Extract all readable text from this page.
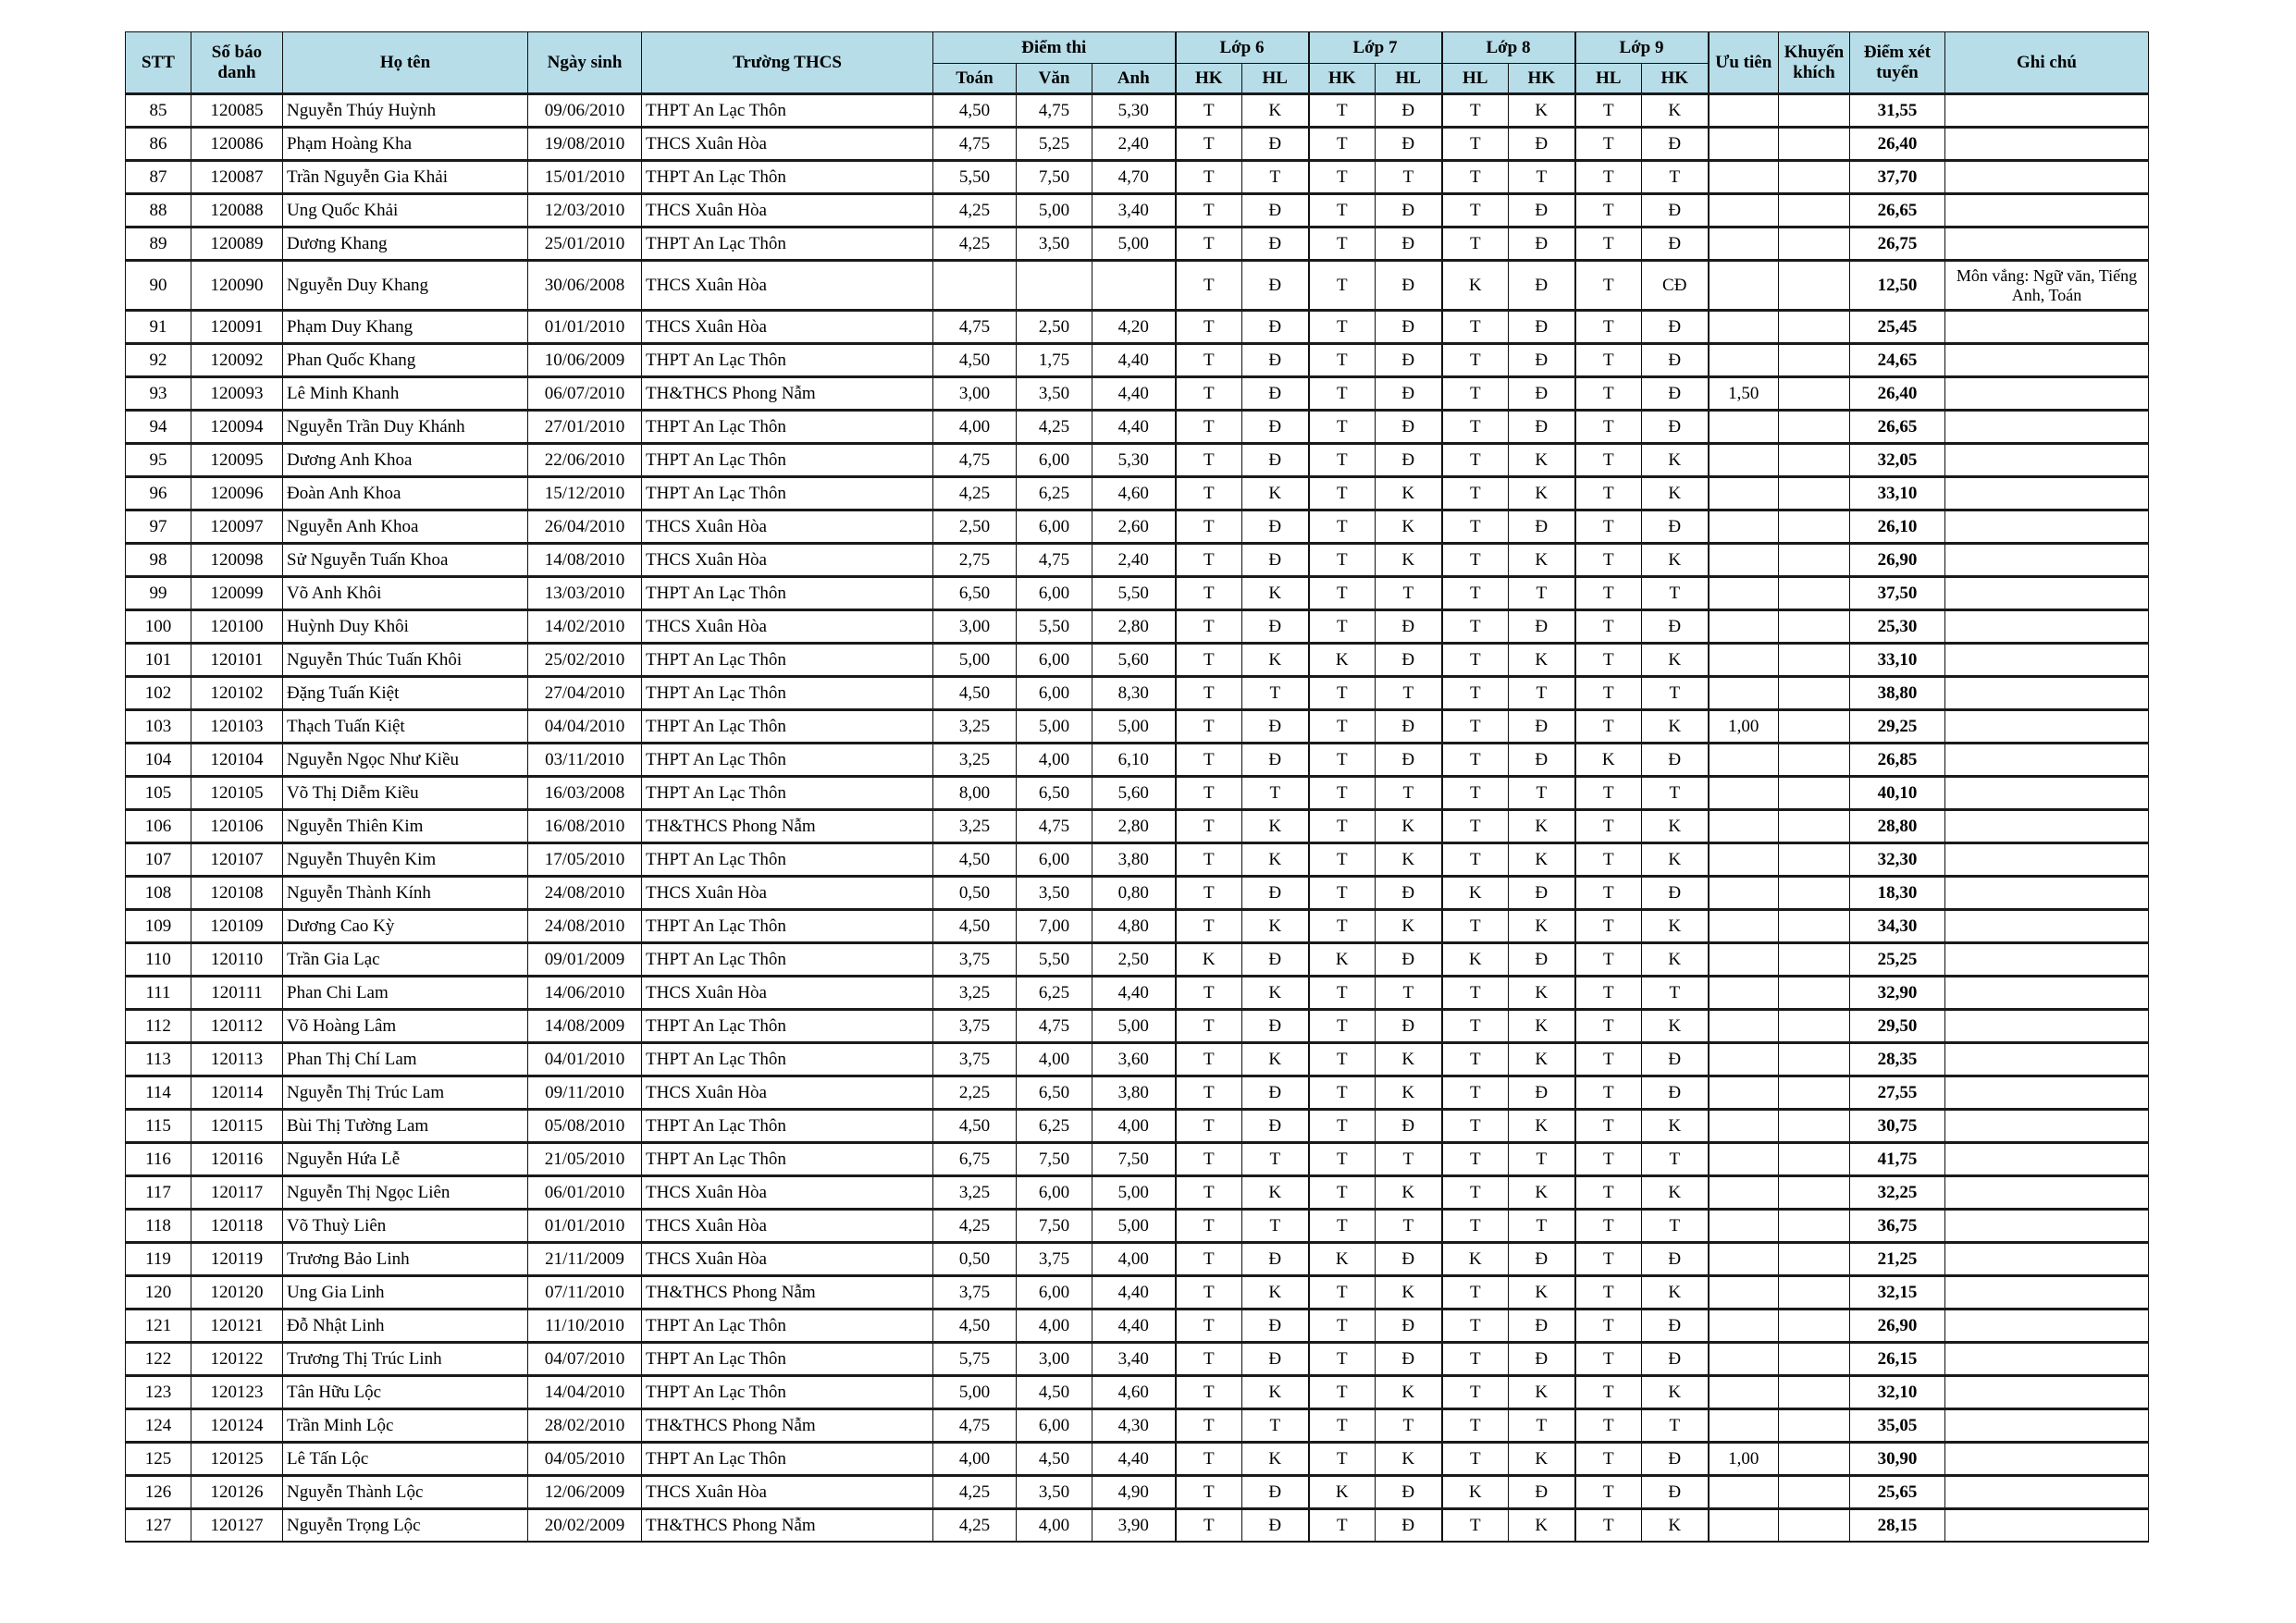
STT	Số báo danh	Họ tên	Ngày sinh	Trường THCS	Điểm thi			Lớp 6		Lớp 7		Lớp 8		Lớp 9		Ưu tiên	Khuyến khích	Điểm xét tuyển	Ghi chú
					Toán	Văn	Anh	HK	HL	HK	HL	HL	HK	HL	HK				
85	120085	Nguyễn Thúy Huỳnh	09/06/2010	THPT An Lạc Thôn	4,50	4,75	5,30	T	K	T	Đ	T	K	T	K			31,55	
86	120086	Phạm Hoàng Kha	19/08/2010	THCS Xuân Hòa	4,75	5,25	2,40	T	Đ	T	Đ	T	Đ	T	Đ			26,40	
87	120087	Trần Nguyễn Gia Khải	15/01/2010	THPT An Lạc Thôn	5,50	7,50	4,70	T	T	T	T	T	T	T	T			37,70	
88	120088	Ung Quốc Khải	12/03/2010	THCS Xuân Hòa	4,25	5,00	3,40	T	Đ	T	Đ	T	Đ	T	Đ			26,65	
89	120089	Dương Khang	25/01/2010	THPT An Lạc Thôn	4,25	3,50	5,00	T	Đ	T	Đ	T	Đ	T	Đ			26,75	
90	120090	Nguyễn Duy Khang	30/06/2008	THCS Xuân Hòa				T	Đ	T	Đ	K	Đ	T	CĐ			12,50	Môn vắng: Ngữ văn, Tiếng Anh, Toán
91	120091	Phạm Duy Khang	01/01/2010	THCS Xuân Hòa	4,75	2,50	4,20	T	Đ	T	Đ	T	Đ	T	Đ			25,45	
92	120092	Phan Quốc Khang	10/06/2009	THPT An Lạc Thôn	4,50	1,75	4,40	T	Đ	T	Đ	T	Đ	T	Đ			24,65	
93	120093	Lê Minh Khanh	06/07/2010	TH&THCS Phong Nẫm	3,00	3,50	4,40	T	Đ	T	Đ	T	Đ	T	Đ	1,50		26,40	
94	120094	Nguyễn Trần Duy Khánh	27/01/2010	THPT An Lạc Thôn	4,00	4,25	4,40	T	Đ	T	Đ	T	Đ	T	Đ			26,65	
95	120095	Dương Anh Khoa	22/06/2010	THPT An Lạc Thôn	4,75	6,00	5,30	T	Đ	T	Đ	T	K	T	K			32,05	
96	120096	Đoàn Anh Khoa	15/12/2010	THPT An Lạc Thôn	4,25	6,25	4,60	T	K	T	K	T	K	T	K			33,10	
97	120097	Nguyễn Anh Khoa	26/04/2010	THCS Xuân Hòa	2,50	6,00	2,60	T	Đ	T	K	T	Đ	T	Đ			26,10	
98	120098	Sử Nguyễn Tuấn Khoa	14/08/2010	THCS Xuân Hòa	2,75	4,75	2,40	T	Đ	T	K	T	K	T	K			26,90	
99	120099	Võ Anh Khôi	13/03/2010	THPT An Lạc Thôn	6,50	6,00	5,50	T	K	T	T	T	T	T	T			37,50	
100	120100	Huỳnh Duy Khôi	14/02/2010	THCS Xuân Hòa	3,00	5,50	2,80	T	Đ	T	Đ	T	Đ	T	Đ			25,30	
101	120101	Nguyễn Thúc Tuấn Khôi	25/02/2010	THPT An Lạc Thôn	5,00	6,00	5,60	T	K	K	Đ	T	K	T	K			33,10	
102	120102	Đặng Tuấn Kiệt	27/04/2010	THPT An Lạc Thôn	4,50	6,00	8,30	T	T	T	T	T	T	T	T			38,80	
103	120103	Thạch Tuấn Kiệt	04/04/2010	THPT An Lạc Thôn	3,25	5,00	5,00	T	Đ	T	Đ	T	Đ	T	K	1,00		29,25	
104	120104	Nguyễn Ngọc Như Kiều	03/11/2010	THPT An Lạc Thôn	3,25	4,00	6,10	T	Đ	T	Đ	T	Đ	K	Đ			26,85	
105	120105	Võ Thị Diễm Kiều	16/03/2008	THPT An Lạc Thôn	8,00	6,50	5,60	T	T	T	T	T	T	T	T			40,10	
106	120106	Nguyễn Thiên Kim	16/08/2010	TH&THCS Phong Nẫm	3,25	4,75	2,80	T	K	T	K	T	K	T	K			28,80	
107	120107	Nguyễn Thuyên Kim	17/05/2010	THPT An Lạc Thôn	4,50	6,00	3,80	T	K	T	K	T	K	T	K			32,30	
108	120108	Nguyễn Thành Kính	24/08/2010	THCS Xuân Hòa	0,50	3,50	0,80	T	Đ	T	Đ	K	Đ	T	Đ			18,30	
109	120109	Dương Cao Kỳ	24/08/2010	THPT An Lạc Thôn	4,50	7,00	4,80	T	K	T	K	T	K	T	K			34,30	
110	120110	Trần Gia Lạc	09/01/2009	THPT An Lạc Thôn	3,75	5,50	2,50	K	Đ	K	Đ	K	Đ	T	K			25,25	
111	120111	Phan Chi Lam	14/06/2010	THCS Xuân Hòa	3,25	6,25	4,40	T	K	T	T	T	K	T	T			32,90	
112	120112	Võ Hoàng Lâm	14/08/2009	THPT An Lạc Thôn	3,75	4,75	5,00	T	Đ	T	Đ	T	K	T	K			29,50	
113	120113	Phan Thị Chí Lam	04/01/2010	THPT An Lạc Thôn	3,75	4,00	3,60	T	K	T	K	T	K	T	Đ			28,35	
114	120114	Nguyễn Thị Trúc Lam	09/11/2010	THCS Xuân Hòa	2,25	6,50	3,80	T	Đ	T	K	T	Đ	T	Đ			27,55	
115	120115	Bùi Thị Tường Lam	05/08/2010	THPT An Lạc Thôn	4,50	6,25	4,00	T	Đ	T	Đ	T	K	T	K			30,75	
116	120116	Nguyễn Hứa Lễ	21/05/2010	THPT An Lạc Thôn	6,75	7,50	7,50	T	T	T	T	T	T	T	T			41,75	
117	120117	Nguyễn Thị Ngọc Liên	06/01/2010	THCS Xuân Hòa	3,25	6,00	5,00	T	K	T	K	T	K	T	K			32,25	
118	120118	Võ Thuỳ Liên	01/01/2010	THCS Xuân Hòa	4,25	7,50	5,00	T	T	T	T	T	T	T	T			36,75	
119	120119	Trương Bảo Linh	21/11/2009	THCS Xuân Hòa	0,50	3,75	4,00	T	Đ	K	Đ	K	Đ	T	Đ			21,25	
120	120120	Ung Gia Linh	07/11/2010	TH&THCS Phong Nẫm	3,75	6,00	4,40	T	K	T	K	T	K	T	K			32,15	
121	120121	Đỗ Nhật Linh	11/10/2010	THPT An Lạc Thôn	4,50	4,00	4,40	T	Đ	T	Đ	T	Đ	T	Đ			26,90	
122	120122	Trương Thị Trúc Linh	04/07/2010	THPT An Lạc Thôn	5,75	3,00	3,40	T	Đ	T	Đ	T	Đ	T	Đ			26,15	
123	120123	Tân Hữu Lộc	14/04/2010	THPT An Lạc Thôn	5,00	4,50	4,60	T	K	T	K	T	K	T	K			32,10	
124	120124	Trần Minh Lộc	28/02/2010	TH&THCS Phong Nẫm	4,75	6,00	4,30	T	T	T	T	T	T	T	T			35,05	
125	120125	Lê Tấn Lộc	04/05/2010	THPT An Lạc Thôn	4,00	4,50	4,40	T	K	T	K	T	K	T	Đ	1,00		30,90	
126	120126	Nguyễn Thành Lộc	12/06/2009	THCS Xuân Hòa	4,25	3,50	4,90	T	Đ	K	Đ	K	Đ	T	Đ			25,65	
127	120127	Nguyễn Trọng Lộc	20/02/2009	TH&THCS Phong Nẫm	4,25	4,00	3,90	T	Đ	T	Đ	T	K	T	K			28,15	
